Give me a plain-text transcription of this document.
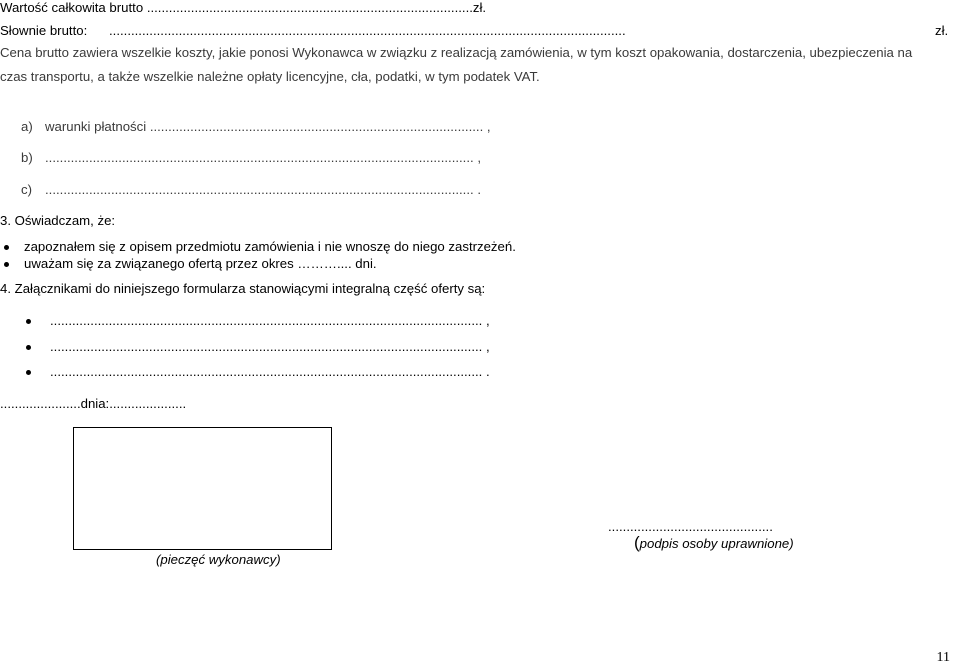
Wartość całkowita brutto .........................................................................................zł.
Słownie brutto: .............................................................................................................................................	zł.
Cena brutto zawiera wszelkie koszty, jakie ponosi Wykonawca w związku z realizacją zamówienia, w tym koszt opakowania, dostarczenia, ubezpieczenia na
czas transportu, a także wszelkie należne opłaty licencyjne, cła, podatki, w tym podatek VAT.
a) warunki płatności ........................................................................................... ,
b) ..................................................................................................................... ,
c) ..................................................................................................................... .
3. Oświadczam, że:
zapoznałem się z opisem przedmiotu zamówienia i nie wnoszę do niego zastrzeżeń.
uważam się za związanego ofertą przez okres ……….... dni.
4. Załącznikami do niniejszego formularza stanowiącymi integralną część oferty są:
...................................................................................................................... ,
...................................................................................................................... ,
...................................................................................................................... .
......................dnia:.....................
(pieczęć wykonawcy)
.............................................
(podpis osoby uprawnione)
11
